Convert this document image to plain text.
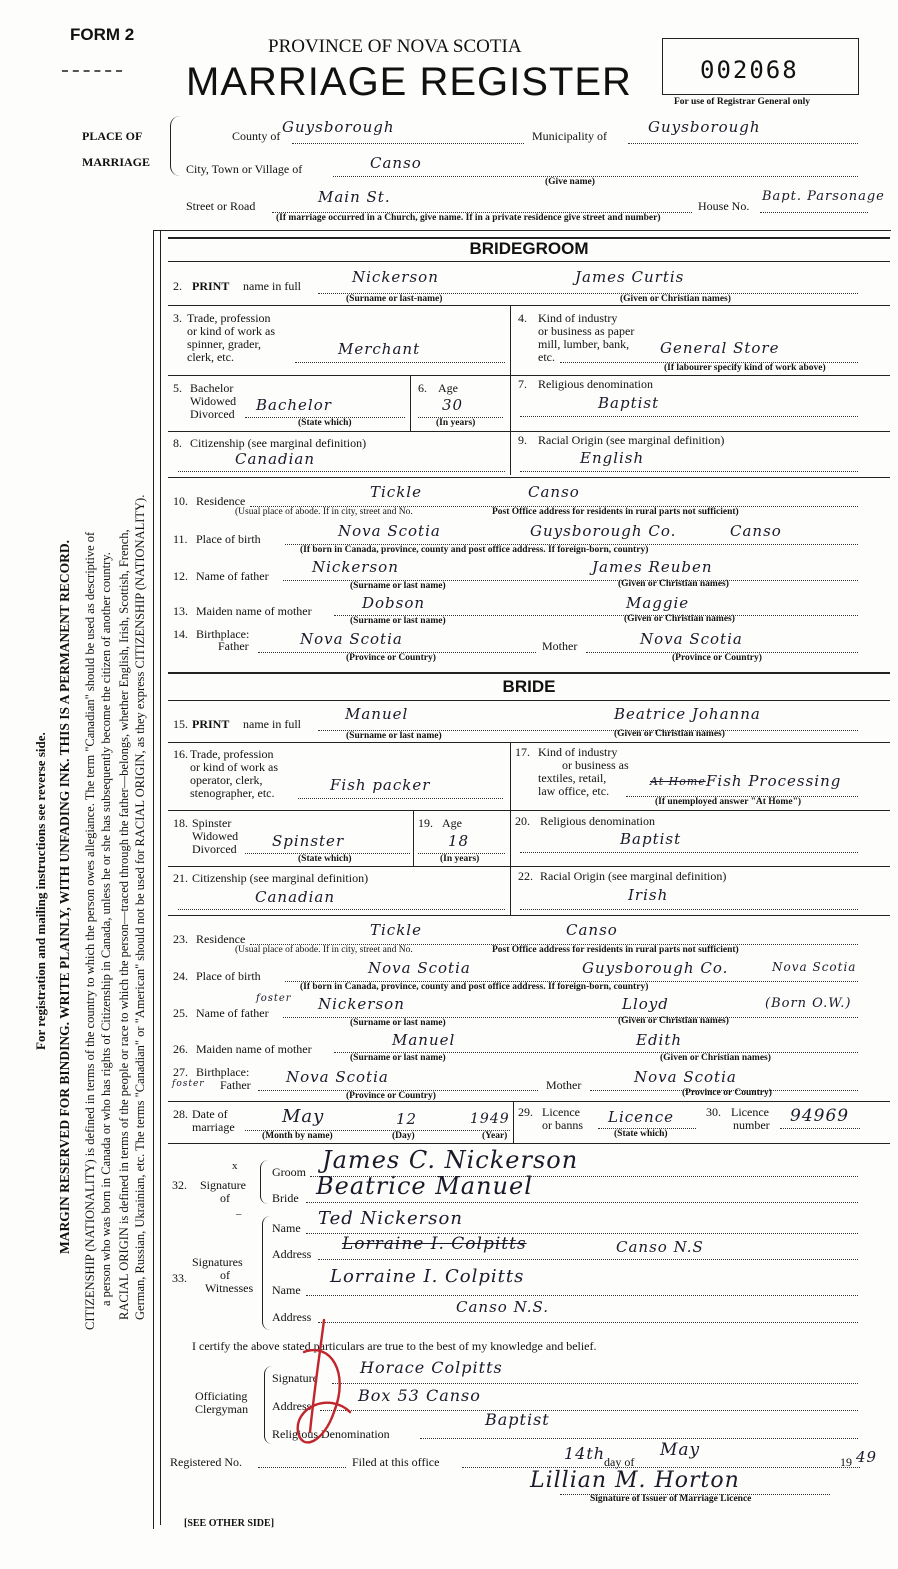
FORM 2
PROVINCE OF NOVA SCOTIA
MARRIAGE REGISTER	002068
For use of Registrar General only
PLACE OF
MARRIAGE
County of Guysborough	Municipality of	Guysborough
City, Town or Village of	Canso
(Give name)
Street or Road	Main St.	House No.
Bapt. Parsonage
(If marriage occurred in a Church, give name. If in a private residence give street and number)
BRIDEGROOM
2. PRINT name in full	Nickerson	James Curtis
(Surname or last-name)	(Given or Christian names)
3. Trade, profession
or kind of work as
spinner, grader,
clerk, etc.	Merchant
4. Kind of industry
or business as paper
mill, lumber, bank,
etc.	General Store
(If labourer specify kind of work above)
5. Bachelor
Widowed
Divorced Bachelor
(State which)
6. Age
30
(In years)
7. Religious denomination
Baptist
8. Citizenship (see marginal definition)
Canadian
9. Racial Origin (see marginal definition)
English
10. Residence	Tickle	Canso
(Usual place of abode. If in city, street and No.	Post Office address for residents in rural parts not sufficient)
11. Place of birth	Nova Scotia	Guysborough Co.	Canso
(If born in Canada, province, county and post office address. If foreign-born, country)
12. Name of father	Nickerson	James Reuben
(Surname or last name)	(Given or Christian names)
13. Maiden name of mother	Dobson	Maggie
(Surname or last name)	(Given or Christian names)
14. Birthplace:
Father	Nova Scotia	Mother	Nova Scotia
(Province or Country)	(Province or Country)
BRIDE
15. PRINT name in full
Manuel	Beatrice Johanna
(Surname or last name)	(Given or Christian names)
16. Trade, profession
or kind of work as
operator, clerk,
stenographer, etc.	Fish packer
17. Kind of industry
or business as
textiles, retail,
law office, etc.
At Home Fish Processing
(If unemployed answer "At Home")
18. Spinster
Widowed
Divorced Spinster
(State which)
19. Age
18
(In years)
20. Religious denomination
Baptist
21. Citizenship (see marginal definition)
Canadian
22. Racial Origin (see marginal definition)
Irish
23. Residence	Tickle	Canso
(Usual place of abode. If in city, street and No.	Post Office address for residents in rural parts not sufficient)
24. Place of birth	Nova Scotia	Guysborough Co.	Nova Scotia
(If born in Canada, province, county and post office address. If foreign-born, country)
25. Name of father
foster Nickerson	Lloyd	(Born O.W.)
(Surname or last name)	(Given or Christian names)
26. Maiden name of mother	Manuel	Edith
(Surname or last name)	(Given or Christian names)
27. Birthplace:
foster Father Nova Scotia	Mother	Nova Scotia
(Province or Country)	(Province or Country)
28. Date of
marriage	May	12	1949
(Month by name)	(Day)	(Year)
29. Licence
or banns Licence
(State which)
30. Licence
number 94969
32. Signature
of
x	Groom James C. Nickerson
Bride Beatrice Manuel
33.
Signatures
of
Witnesses
_
Name Ted Nickerson
Address Lorraine I. Colpitts	Canso N.S
Name
Lorraine I. Colpitts
Address
Canso N.S.
I certify the above stated particulars are true to the best of my knowledge and belief.
Officiating
Clergyman
Signature
Horace Colpitts
Address
Box 53 Canso
Religious Denomination
Baptist
Registered No.	Filed at this office	14th
day of
May
19 49
Lillian M. Horton
Signature of Issuer of Marriage Licence
[SEE OTHER SIDE]
For registration and mailing instructions see reverse side. MARGIN RESERVED FOR BINDING. WRITE PLAINLY, WITH UNFADING INK. THIS IS A PERMANENT RECORD. CITIZENSHIP (NATIONALITY) is defined in terms of the country to which the person owes allegiance. The term "Canadian" should be used as descriptive of a person who was born in Canada or who has rights of Citizenship in Canada, unless he or she has subsequently become the citizen of another country. RACIAL ORIGIN is defined in terms of the people or race to which the person—traced through the father—belongs, whether English, Irish, Scottish, French, German, Russian, Ukrainian, etc. The terms "Canadian" or "American" should not be used for RACIAL ORIGIN, as they express CITIZENSHIP (NATIONALITY).
